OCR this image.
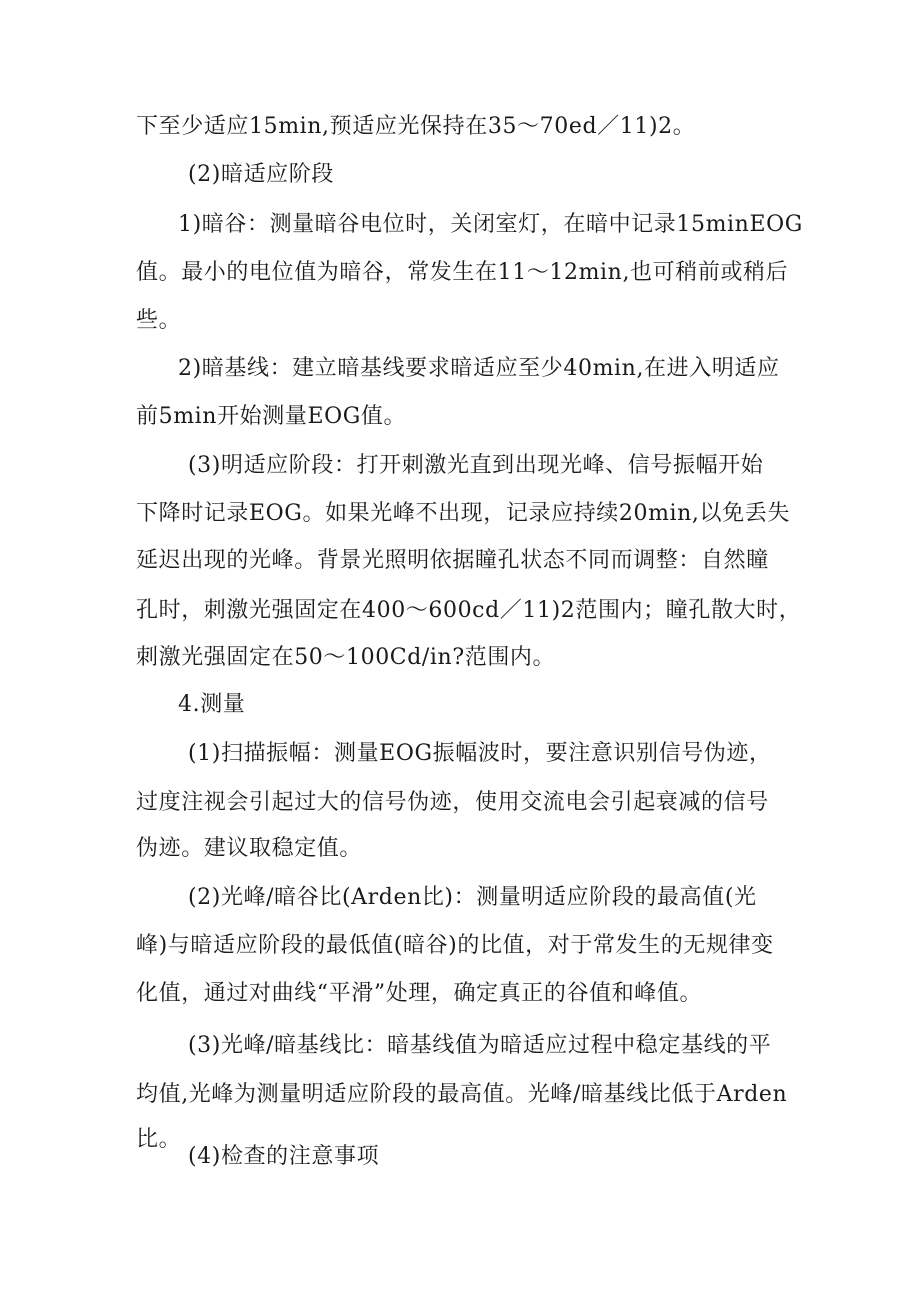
下至少适应15min,预适应光保持在35～70ed／11)2。
(2)暗适应阶段
1)暗谷：测量暗谷电位时，关闭室灯，在暗中记录15minEOG
值。最小的电位值为暗谷，常发生在11～12min,也可稍前或稍后
些。
2)暗基线：建立暗基线要求暗适应至少40min,在进入明适应
前5min开始测量EOG值。
(3)明适应阶段：打开刺激光直到出现光峰、信号振幅开始
下降时记录EOG。如果光峰不出现，记录应持续20min,以免丢失
延迟出现的光峰。背景光照明依据瞳孔状态不同而调整：自然瞳
孔时，刺激光强固定在400～600cd／11)2范围内；瞳孔散大时，
刺激光强固定在50～100Cd/in?范围内。
4.测量
(1)扫描振幅：测量EOG振幅波时，要注意识别信号伪迹，
过度注视会引起过大的信号伪迹，使用交流电会引起衰减的信号
伪迹。建议取稳定值。
(2)光峰/暗谷比(Arden比)：测量明适应阶段的最高值(光
峰)与暗适应阶段的最低值(暗谷)的比值，对于常发生的无规律变
化值，通过对曲线“平滑”处理，确定真正的谷值和峰值。
(3)光峰/暗基线比：暗基线值为暗适应过程中稳定基线的平
均值,光峰为测量明适应阶段的最高值。光峰/暗基线比低于Arden
比。
(4)检查的注意事项
